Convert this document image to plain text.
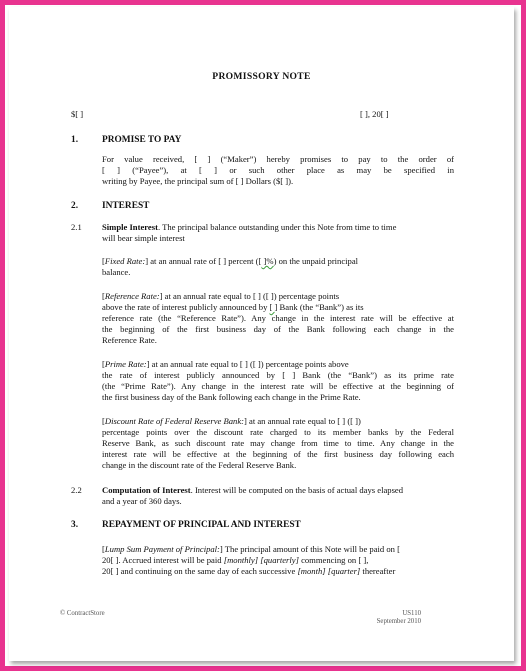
PROMISSORY NOTE
$[ ]	[ ], 20[ ]
1.	PROMISE TO PAY
For value received, [ ] (“Maker”) hereby promises to pay to the order of
[ ] (“Payee”), at [ ] or such other place as may be specified in
writing by Payee, the principal sum of [ ] Dollars ($[ ]).
2.	INTEREST
2.1 Simple Interest. The principal balance outstanding under this Note from time to time
will bear simple interest
[Fixed Rate:] at an annual rate of [ ] percent ([ ]%) on the unpaid principal
balance.
[Reference Rate:] at an annual rate equal to [ ] ([ ]) percentage points
above the rate of interest publicly announced by [ ] Bank (the “Bank”) as its
reference rate (the “Reference Rate”). Any change in the interest rate will be effective at
the beginning of the first business day of the Bank following each change in the
Reference Rate.
[Prime Rate:] at an annual rate equal to [ ] ([ ]) percentage points above
the rate of interest publicly announced by [ ] Bank (the “Bank”) as its prime rate
(the “Prime Rate”). Any change in the interest rate will be effective at the beginning of
the first business day of the Bank following each change in the Prime Rate.
[Discount Rate of Federal Reserve Bank:] at an annual rate equal to [ ] ([ ])
percentage points over the discount rate charged to its member banks by the Federal
Reserve Bank, as such discount rate may change from time to time. Any change in the
interest rate will be effective at the beginning of the first business day following each
change in the discount rate of the Federal Reserve Bank.
2.2 Computation of Interest. Interest will be computed on the basis of actual days elapsed
and a year of 360 days.
3.	REPAYMENT OF PRINCIPAL AND INTEREST
[Lump Sum Payment of Principal:] The principal amount of this Note will be paid on [
20[ ]. Accrued interest will be paid [monthly] [quarterly] commencing on [ ],
20[ ] and continuing on the same day of each successive [month] [quarter] thereafter
© ContractStore	US110
September 2010
